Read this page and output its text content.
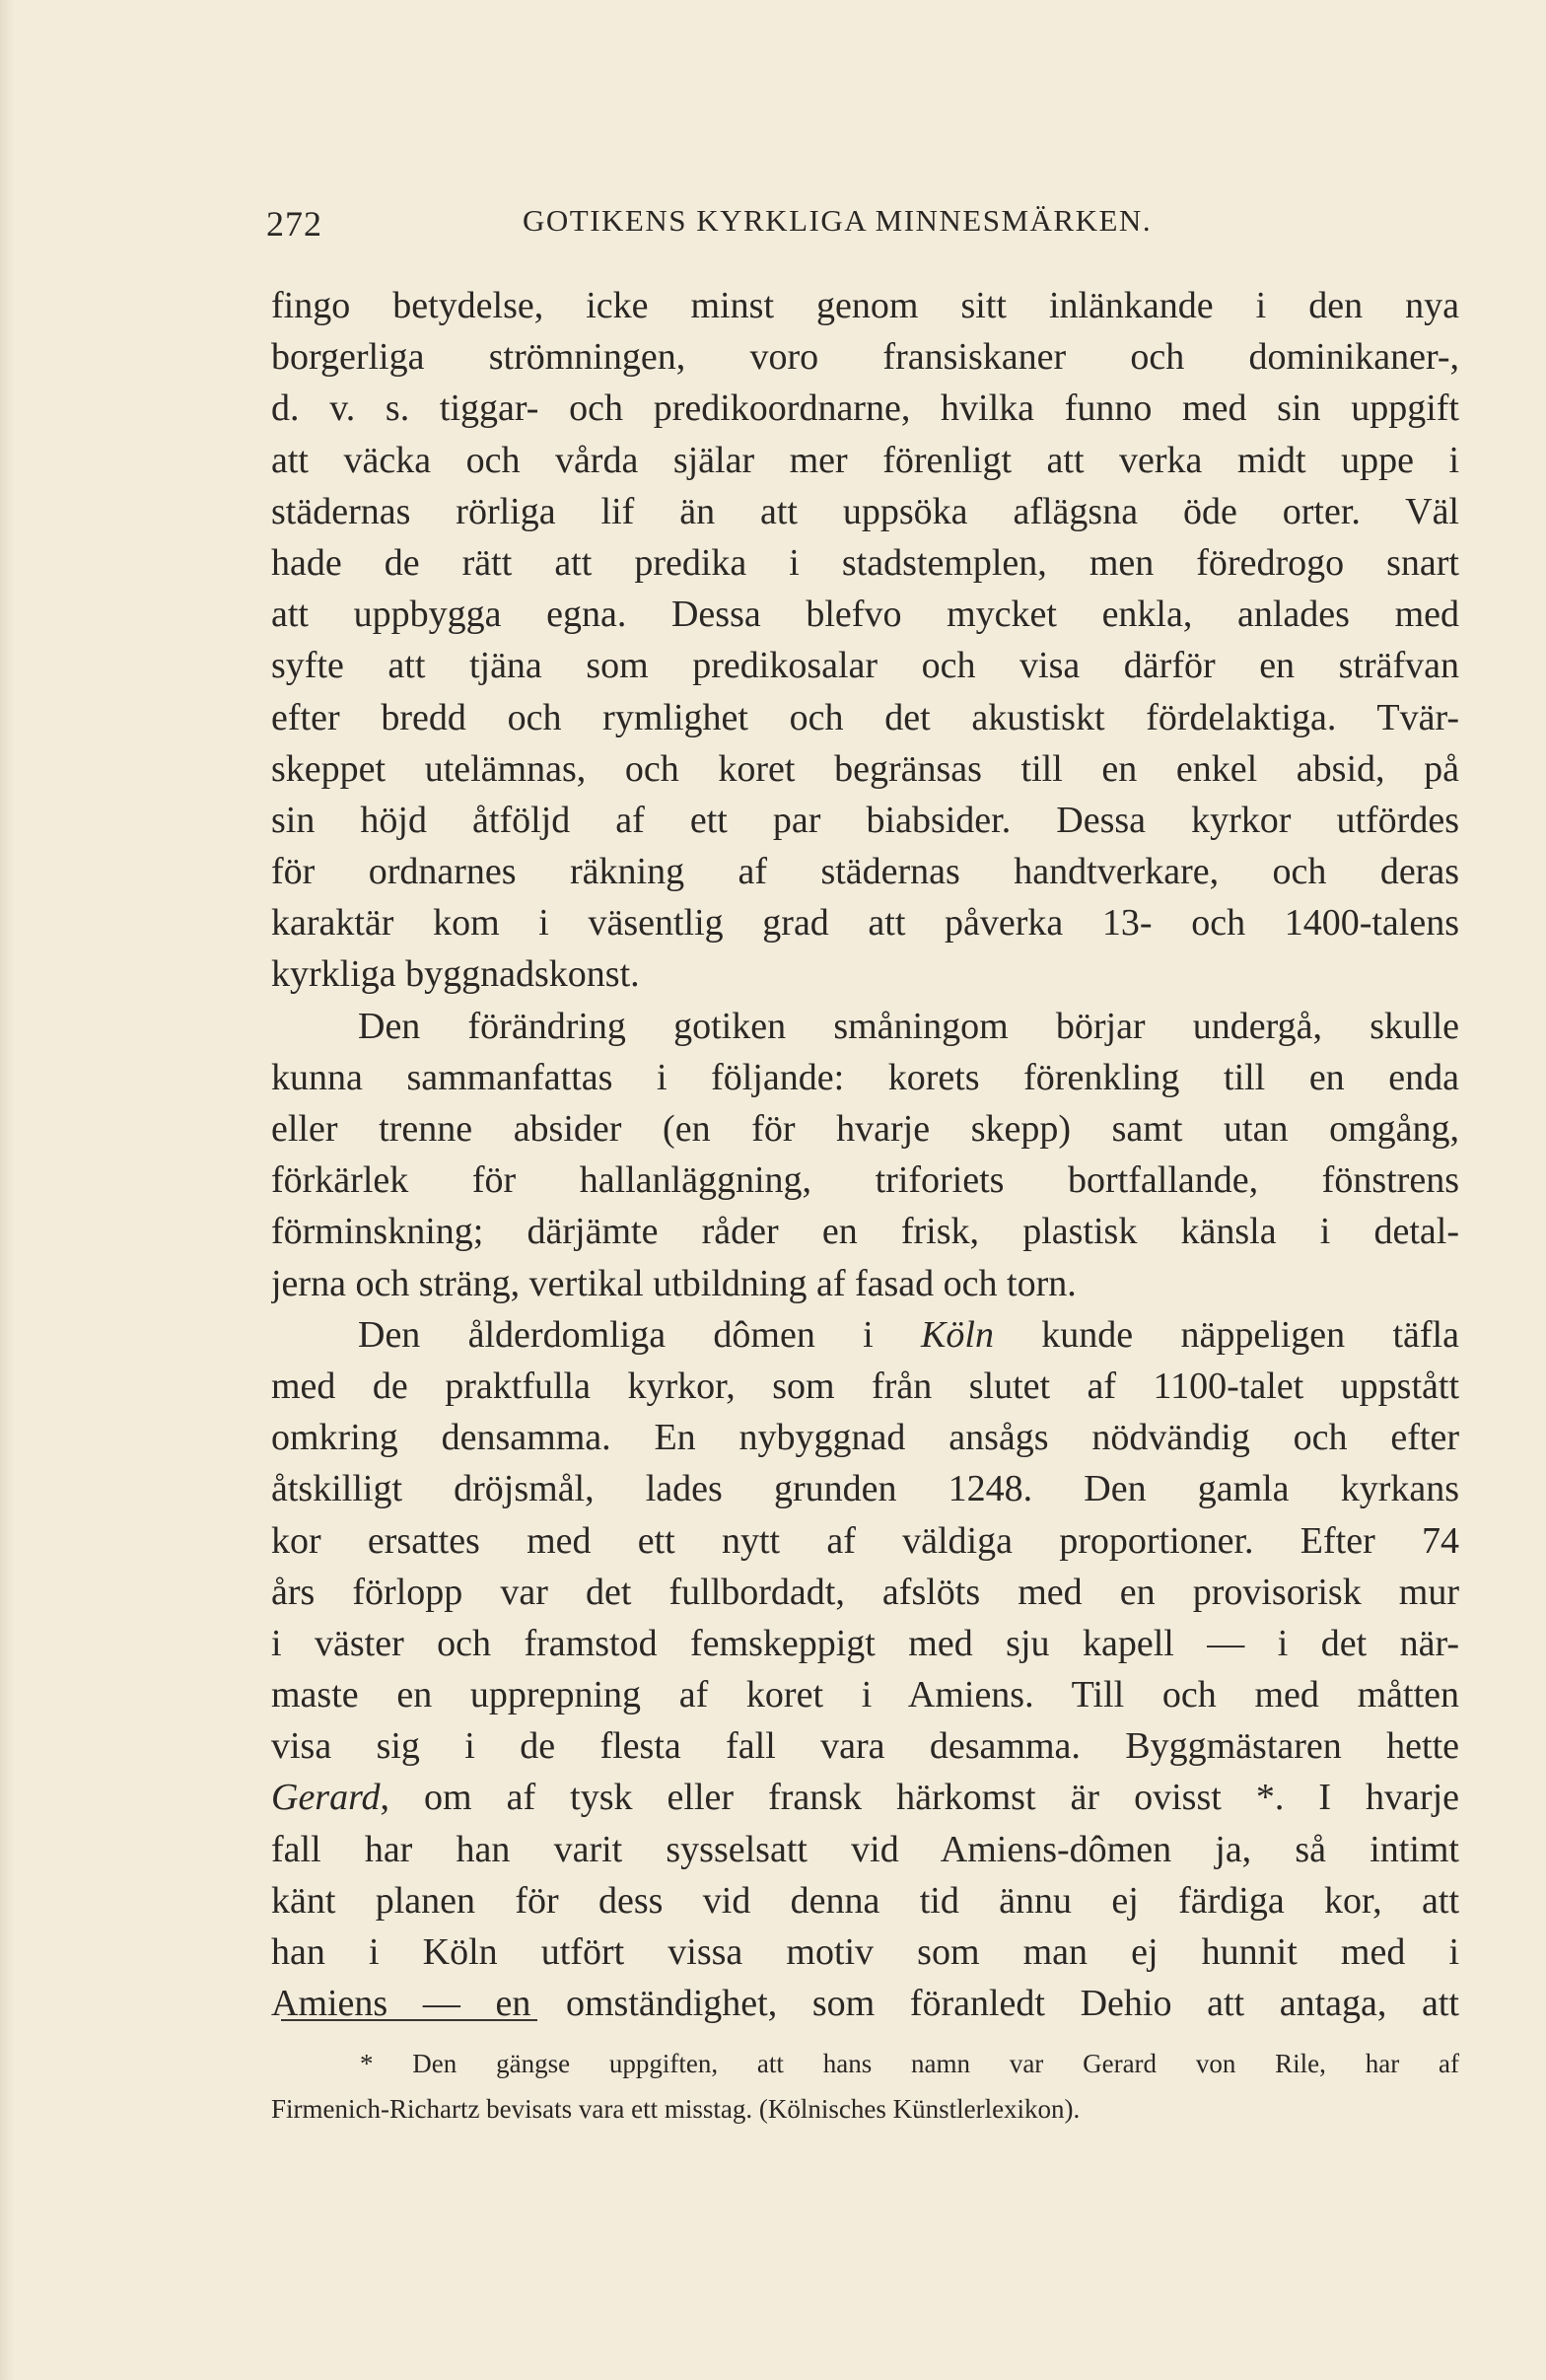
272	GOTIKENS KYRKLIGA MINNESMÄRKEN.
fingo betydelse, icke minst genom sitt inlänkande i den nya
borgerliga strömningen, voro fransiskaner och dominikaner-,
d. v. s. tiggar- och predikoordnarne, hvilka funno med sin uppgift
att väcka och vårda själar mer förenligt att verka midt uppe i
städernas rörliga lif än att uppsöka aflägsna öde orter. Väl
hade de rätt att predika i stadstemplen, men föredrogo snart
att uppbygga egna. Dessa blefvo mycket enkla, anlades med
syfte att tjäna som predikosalar och visa därför en sträfvan
efter bredd och rymlighet och det akustiskt fördelaktiga. Tvär-
skeppet utelämnas, och koret begränsas till en enkel absid, på
sin höjd åtföljd af ett par biabsider. Dessa kyrkor utfördes
för ordnarnes räkning af städernas handtverkare, och deras
karaktär kom i väsentlig grad att påverka 13- och 1400-talens
kyrkliga byggnadskonst.
Den förändring gotiken småningom börjar undergå, skulle
kunna sammanfattas i följande: korets förenkling till en enda
eller trenne absider (en för hvarje skepp) samt utan omgång,
förkärlek för hallanläggning, triforiets bortfallande, fönstrens
förminskning; därjämte råder en frisk, plastisk känsla i detal-
jerna och sträng, vertikal utbildning af fasad och torn.
Den ålderdomliga dômen i Köln kunde näppeligen täfla
med de praktfulla kyrkor, som från slutet af 1100-talet uppstått
omkring densamma. En nybyggnad ansågs nödvändig och efter
åtskilligt dröjsmål, lades grunden 1248. Den gamla kyrkans
kor ersattes med ett nytt af väldiga proportioner. Efter 74
års förlopp var det fullbordadt, afslöts med en provisorisk mur
i väster och framstod femskeppigt med sju kapell — i det när-
maste en upprepning af koret i Amiens. Till och med måtten
visa sig i de flesta fall vara desamma. Byggmästaren hette
Gerard, om af tysk eller fransk härkomst är ovisst *. I hvarje
fall har han varit sysselsatt vid Amiens-dômen ja, så intimt
känt planen för dess vid denna tid ännu ej färdiga kor, att
han i Köln utfört vissa motiv som man ej hunnit med i
Amiens — en omständighet, som föranledt Dehio att antaga, att
* Den gängse uppgiften, att hans namn var Gerard von Rile, har af
Firmenich-Richartz bevisats vara ett misstag. (Kölnisches Künstlerlexikon).
